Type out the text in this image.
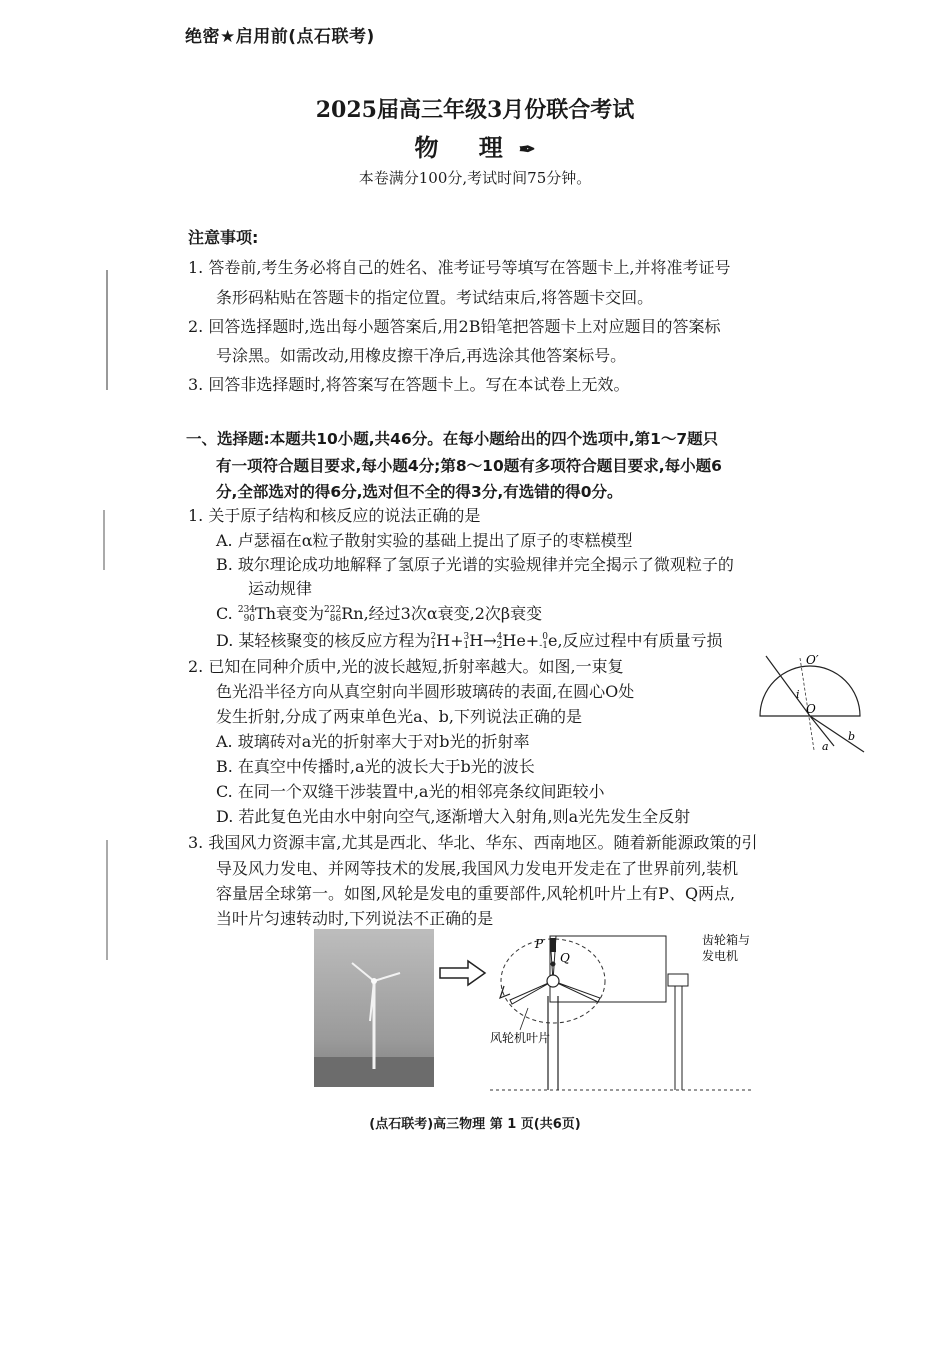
绝密★启用前(点石联考)
2025届高三年级3月份联合考试
物 理✒
本卷满分100分,考试时间75分钟。
注意事项:
1. 答卷前,考生务必将自己的姓名、准考证号等填写在答题卡上,并将准考证号
条形码粘贴在答题卡的指定位置。考试结束后,将答题卡交回。
2. 回答选择题时,选出每小题答案后,用2B铅笔把答题卡上对应题目的答案标
号涂黑。如需改动,用橡皮擦干净后,再选涂其他答案标号。
3. 回答非选择题时,将答案写在答题卡上。写在本试卷上无效。
一、选择题:本题共10小题,共46分。在每小题给出的四个选项中,第1～7题只
有一项符合题目要求,每小题4分;第8～10题有多项符合题目要求,每小题6
分,全部选对的得6分,选对但不全的得3分,有选错的得0分。
1. 关于原子结构和核反应的说法正确的是
A. 卢瑟福在α粒子散射实验的基础上提出了原子的枣糕模型
B. 玻尔理论成功地解释了氢原子光谱的实验规律并完全揭示了微观粒子的
运动规律
C. 234
90 Th衰变为 222
86 Rn,经过3次α衰变,2次β衰变
D. 某轻核聚变的核反应方程为 2
1 H+ 3
1 H→ 4
2 He+ 0
-1 e,反应过程中有质量亏损
2. 已知在同种介质中,光的波长越短,折射率越大。如图,一束复
色光沿半径方向从真空射向半圆形玻璃砖的表面,在圆心O处
发生折射,分成了两束单色光a、b,下列说法正确的是
A. 玻璃砖对a光的折射率大于对b光的折射率
B. 在真空中传播时,a光的波长大于b光的波长
C. 在同一个双缝干涉装置中,a光的相邻亮条纹间距较小
D. 若此复色光由水中射向空气,逐渐增大入射角,则a光先发生全反射
O′
i
O
a
b
3. 我国风力资源丰富,尤其是西北、华北、华东、西南地区。随着新能源政策的引
导及风力发电、并网等技术的发展,我国风力发电开发走在了世界前列,装机
容量居全球第一。如图,风轮是发电的重要部件,风轮机叶片上有P、Q两点,
当叶片匀速转动时,下列说法不正确的是
P
Q
齿轮箱与
发电机
风轮机叶片
(点石联考)高三物理 第 1 页(共6页)
